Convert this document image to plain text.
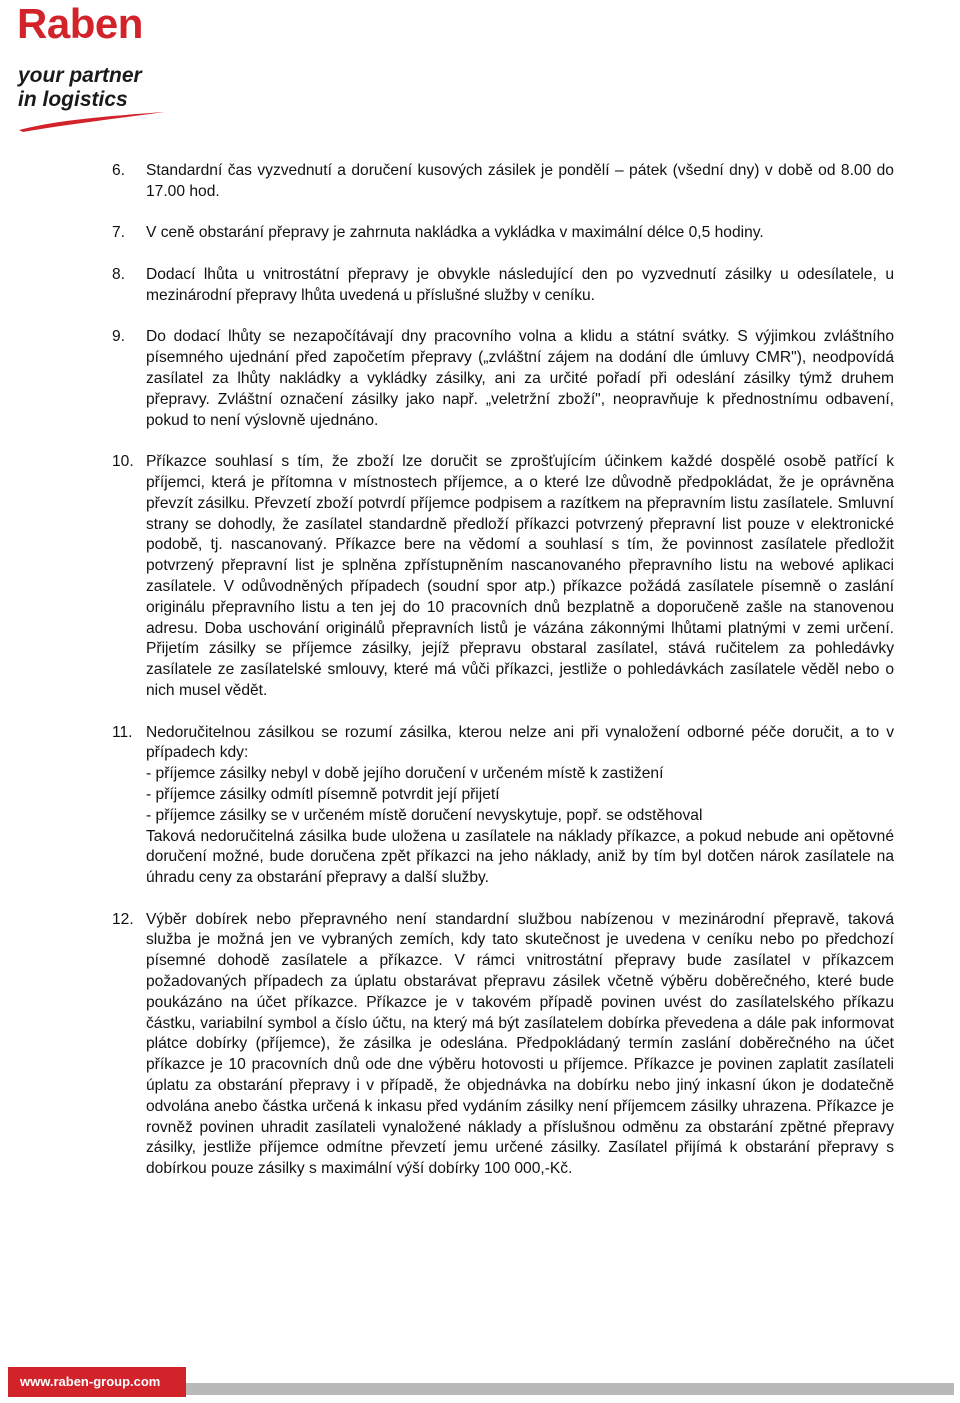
Raben
your partner
in logistics
6.	Standardní čas vyzvednutí a doručení kusových zásilek je pondělí – pátek (všední dny) v době od 8.00 do 17.00 hod.

7.	V ceně obstarání přepravy je zahrnuta nakládka a vykládka v maximální délce 0,5 hodiny.

8.	Dodací lhůta u vnitrostátní přepravy je obvykle následující den po vyzvednutí zásilky u odesílatele, u mezinárodní přepravy lhůta uvedená u příslušné služby v ceníku.

9.	Do dodací lhůty se nezapočítávají dny pracovního volna a klidu a státní svátky. S výjimkou zvláštního písemného ujednání před započetím přepravy („zvláštní zájem na dodání dle úmluvy CMR"), neodpovídá zasílatel za lhůty nakládky a vykládky zásilky, ani za určité pořadí při odeslání zásilky týmž druhem přepravy. Zvláštní označení zásilky jako např. „veletržní zboží", neopravňuje k přednostnímu odbavení, pokud to není výslovně ujednáno.

10. Příkazce souhlasí s tím, že zboží lze doručit se zprošťujícím účinkem každé dospělé osobě patřící k příjemci, která je přítomna v místnostech příjemce, a o které lze důvodně předpokládat, že je oprávněna převzít zásilku. Převzetí zboží potvrdí příjemce podpisem a razítkem na přepravním listu zasílatele. Smluvní strany se dohodly, že zasílatel standardně předloží příkazci potvrzený přepravní list pouze v elektronické podobě, tj. nascanovaný. Příkazce bere na vědomí a souhlasí s tím, že povinnost zasílatele předložit potvrzený přepravní list je splněna zpřístupněním nascanovaného přepravního listu na webové aplikaci zasílatele. V odůvodněných případech (soudní spor atp.) příkazce požádá zasílatele písemně o zaslání originálu přepravního listu a ten jej do 10 pracovních dnů bezplatně a doporučeně zašle na stanovenou adresu. Doba uschování originálů přepravních listů je vázána zákonnými lhůtami platnými v zemi určení. Přijetím zásilky se příjemce zásilky, jejíž přepravu obstaral zasílatel, stává ručitelem za pohledávky zasílatele ze zasílatelské smlouvy, které má vůči příkazci, jestliže o pohledávkách zasílatele věděl nebo o nich musel vědět.

11. Nedoručitelnou zásilkou se rozumí zásilka, kterou nelze ani při vynaložení odborné péče doručit, a to v případech kdy:

- příjemce zásilky nebyl v době jejího doručení v určeném místě k zastižení

- příjemce zásilky odmítl písemně potvrdit její přijetí

- příjemce zásilky se v určeném místě doručení nevyskytuje, popř. se odstěhoval

Taková nedoručitelná zásilka bude uložena u zasílatele na náklady příkazce, a pokud nebude ani opětovné doručení možné, bude doručena zpět příkazci na jeho náklady, aniž by tím byl dotčen nárok zasílatele na úhradu ceny za obstarání přepravy a další služby.

12. Výběr dobírek nebo přepravného není standardní službou nabízenou v mezinárodní přepravě, taková služba je možná jen ve vybraných zemích, kdy tato skutečnost je uvedena v ceníku nebo po předchozí písemné dohodě zasílatele a příkazce. V rámci vnitrostátní přepravy bude zasílatel v příkazcem požadovaných případech za úplatu obstarávat přepravu zásilek včetně výběru doběrečného, které bude poukázáno na účet příkazce. Příkazce je v takovém případě povinen uvést do zasílatelského příkazu částku, variabilní symbol a číslo účtu, na který má být zasílatelem dobírka převedena a dále pak informovat plátce dobírky (příjemce), že zásilka je odeslána. Předpokládaný termín zaslání doběrečného na účet příkazce je 10 pracovních dnů ode dne výběru hotovosti u příjemce. Příkazce je povinen zaplatit zasílateli úplatu za obstarání přepravy i v případě, že objednávka na dobírku nebo jiný inkasní úkon je dodatečně odvolána anebo částka určená k inkasu před vydáním zásilky není příjemcem zásilky uhrazena. Příkazce je rovněž povinen uhradit zasílateli vynaložené náklady a příslušnou odměnu za obstarání zpětné přepravy zásilky, jestliže příjemce odmítne převzetí jemu určené zásilky. Zasílatel přijímá k obstarání přepravy s dobírkou pouze zásilky s maximální výší dobírky 100 000,-Kč.

www.raben-group.com
